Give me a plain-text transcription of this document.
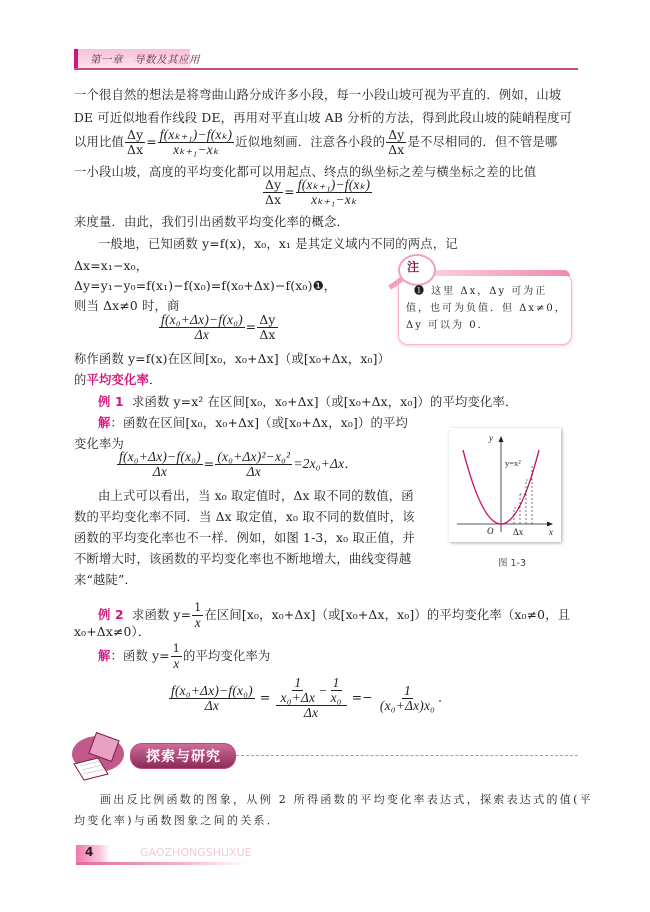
第一章　导数及其应用
一个很自然的想法是将弯曲山路分成许多小段，每一小段山坡可视为平直的．例如，山坡
DE 可近似地看作线段 DE，再用对平直山坡 AB 分析的方法，得到此段山坡的陡峭程度可
以用比值 $\frac{\Delta y}{\Delta x} = \frac{\text{f(xₖ₊₁)−f(xₖ)}}{\text{xₖ₊₁−xₖ}}$ 近似地刻画．注意各小段的 $\frac{\Delta y}{\Delta x}$ 是不尽相同的．但不管是哪
一小段山坡，高度的平均变化都可以用起点、终点的纵坐标之差与横坐标之差的比值
$\frac{\Delta y}{\Delta x} = \frac{\text{f(xₖ₊₁)−f(xₖ)}}{\text{xₖ₊₁−xₖ}}$
来度量．由此，我们引出函数平均变化率的概念．
一般地，已知函数 y=f(x)，x₀，x₁ 是其定义域内不同的两点，记
Δx=x₁−x₀，
Δy=y₁−y₀=f(x₁)−f(x₀)=f(x₀+Δx)−f(x₀)❶，
则当 Δx≠0 时，商
$\frac{\text{f(x₀+Δx)−f(x₀)}}{\Delta x} = \frac{\Delta y}{\Delta x}$
称作函数 y=f(x)在区间[x₀，x₀+Δx]（或[x₀+Δx，x₀]）
的平均变化率．
注
❶ 这里 Δx，Δy 可为正
值，也可为负值．但 Δx≠0，
Δy 可以为 0．
例 1 求函数 y=x² 在区间[x₀，x₀+Δx]（或[x₀+Δx，x₀]）的平均变化率．
解：函数在区间[x₀，x₀+Δx]（或[x₀+Δx，x₀]）的平均
变化率为
$\frac{\text{f(x₀+Δx)−f(x₀)}}{\Delta x} = \frac{\text{(x₀+Δx)²−x₀²}}{\Delta x} =2x_0+\Delta x$．
由上式可以看出，当 x₀ 取定值时，Δx 取不同的数值，函
数的平均变化率不同．当 Δx 取定值，x₀ 取不同的数值时，该
函数的平均变化率也不一样．例如，如图 1-3，x₀ 取正值，并
不断增大时，该函数的平均变化率也不断地增大，曲线变得越
来“越陡”．
y
x
O Δx
y=x²
图 1-3
例 2 求函数 $y= \frac{1}{x}$ 在区间[x₀，x₀+Δx]（或[x₀+Δx，x₀]）的平均变化率（x₀≠0，且
x₀+Δx≠0）．
解：函数 $y= \frac{1}{x}$ 的平均变化率为
$\frac{\text{f(x₀+Δx)−f(x₀)}}{\Delta x} = \frac{\frac{1}{\text{x₀+Δx}} - \frac{1}{\text{x₀}}}{\Delta x} =- \frac{1}{\text{(x₀+Δx)x₀}}$ ．
探索与研究
画出反比例函数的图象，从例 2 所得函数的平均变化率表达式，探索表达式的值(平
均变化率)与函数图象之间的关系．
4	GAOZHONGSHUXUE
